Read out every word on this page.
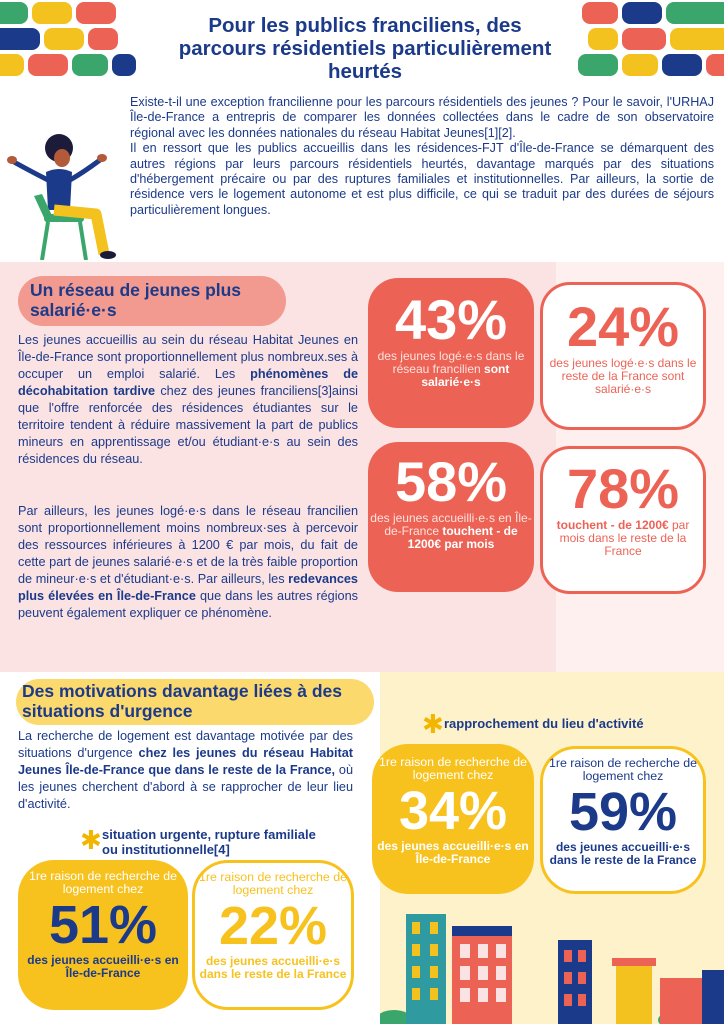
Pour les publics franciliens, des parcours résidentiels particulièrement heurtés

Existe-t-il une exception francilienne pour les parcours résidentiels des jeunes ? Pour le savoir, l'URHAJ Île-de-France a entrepris de comparer les données collectées dans le cadre de son observatoire régional avec les données nationales du réseau Habitat Jeunes[1][2].

Il en ressort que les publics accueillis dans les résidences-FJT d'Île-de-France se démarquent des autres régions par leurs parcours résidentiels heurtés, davantage marqués par des situations d'hébergement précaire ou par des ruptures familiales et institutionnelles. Par ailleurs, la sortie de résidence vers le logement autonome et est plus difficile, ce qui se traduit par des durées de séjours particulièrement longues.

Un réseau de jeunes plus salarié·e·s
Les jeunes accueillis au sein du réseau Habitat Jeunes en Île-de-France sont proportionnellement plus nombreux.ses à occuper un emploi salarié. Les phénomènes de décohabitation tardive chez des jeunes franciliens[3]ainsi que l'offre renforcée des résidences étudiantes sur le territoire tendent à réduire massivement la part de publics mineurs en apprentissage et/ou étudiant·e·s au sein des résidences du réseau.
Par ailleurs, les jeunes logé·e·s dans le réseau francilien sont proportionnellement moins nombreux·ses à percevoir des ressources inférieures à 1200 € par mois, du fait de cette part de jeunes salarié·e·s et de la très faible proportion de mineur·e·s et d'étudiant·e·s. Par ailleurs, les redevances plus élevées en Île-de-France que dans les autres régions peuvent également expliquer ce phénomène.
43%
des jeunes logé·e·s dans le réseau francilien sont salarié·e·s
24%
des jeunes logé·e·s dans le reste de la France sont salarié·e·s
58%
des jeunes accueilli·e·s en Île-de-France touchent - de 1200€ par mois
78%
touchent - de 1200€ par mois dans le reste de la France
Des motivations davantage liées à des situations d'urgence
La recherche de logement est davantage motivée par des situations d'urgence chez les jeunes du réseau Habitat Jeunes Île-de-France que dans le reste de la France, où les jeunes cherchent d'abord à se rapprocher de leur lieu d'activité.
✱ situation urgente, rupture familiale ou institutionnelle[4]
✱ rapprochement du lieu d'activité
1re raison de recherche de logement chez
51%
des jeunes accueilli·e·s en Île-de-France
1re raison de recherche de logement chez
22%
des jeunes accueilli·e·s dans le reste de la France
1re raison de recherche de logement chez
34%
des jeunes accueilli·e·s en Île-de-France
1re raison de recherche de logement chez
59%
des jeunes accueilli·e·s dans le reste de la France
